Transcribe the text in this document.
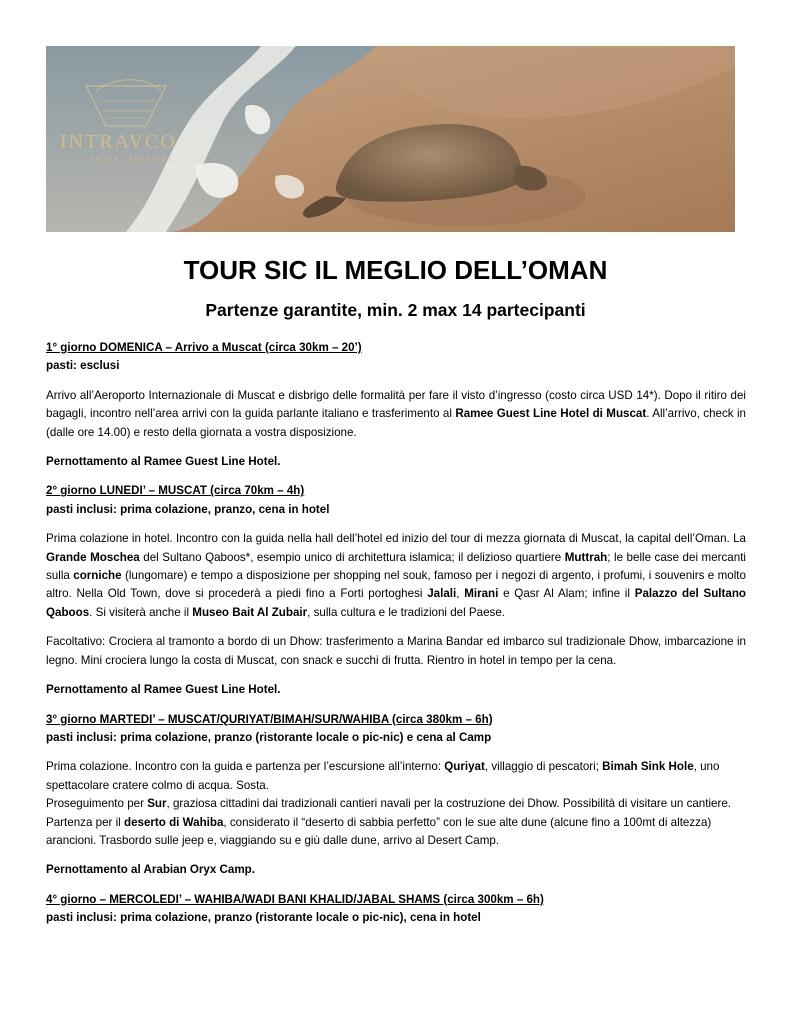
INTRAVCO
TRAVEL SERVICES
TOUR SIC IL MEGLIO DELL’OMAN
Partenze garantite, min. 2 max 14 partecipanti

1° giorno DOMENICA – Arrivo a Muscat (circa 30km – 20’)

pasti: esclusi

Arrivo all’Aeroporto Internazionale di Muscat e disbrigo delle formalità per fare il visto d’ingresso (costo circa USD 14*). Dopo il ritiro dei bagagli, incontro nell’area arrivi con la guida parlante italiano e trasferimento al Ramee Guest Line Hotel di Muscat. All’arrivo, check in (dalle ore 14.00) e resto della giornata a vostra disposizione.

Pernottamento al Ramee Guest Line Hotel.

2° giorno LUNEDI’ – MUSCAT (circa 70km – 4h)

pasti inclusi: prima colazione, pranzo, cena in hotel

Prima colazione in hotel. Incontro con la guida nella hall dell’hotel ed inizio del tour di mezza giornata di Muscat, la capital dell’Oman. La Grande Moschea del Sultano Qaboos*, esempio unico di architettura islamica; il delizioso quartiere Muttrah; le belle case dei mercanti sulla corniche (lungomare) e tempo a disposizione per shopping nel souk, famoso per i negozi di argento, i profumi, i souvenirs e molto altro. Nella Old Town, dove si procederà a piedi fino a Forti portoghesi Jalali, Mirani e Qasr Al Alam; infine il Palazzo del Sultano Qaboos. Si visiterà anche il Museo Bait Al Zubair, sulla cultura e le tradizioni del Paese.

Facoltativo: Crociera al tramonto a bordo di un Dhow: trasferimento a Marina Bandar ed imbarco sul tradizionale Dhow, imbarcazione in legno. Mini crociera lungo la costa di Muscat, con snack e succhi di frutta. Rientro in hotel in tempo per la cena.

Pernottamento al Ramee Guest Line Hotel.

3° giorno MARTEDI’ – MUSCAT/QURIYAT/BIMAH/SUR/WAHIBA (circa 380km – 6h)

pasti inclusi: prima colazione, pranzo (ristorante locale o pic-nic) e cena al Camp

Prima colazione. Incontro con la guida e partenza per l’escursione all’interno: Quriyat, villaggio di pescatori; Bimah Sink Hole, uno spettacolare cratere colmo di acqua. Sosta.

Proseguimento per Sur, graziosa cittadini dai tradizionali cantieri navali per la costruzione dei Dhow. Possibilità di visitare un cantiere.

Partenza per il deserto di Wahiba, considerato il “deserto di sabbia perfetto” con le sue alte dune (alcune fino a 100mt di altezza) arancioni. Trasbordo sulle jeep e, viaggiando su e giù dalle dune, arrivo al Desert Camp.

Pernottamento al Arabian Oryx Camp.

4° giorno – MERCOLEDI’ – WAHIBA/WADI BANI KHALID/JABAL SHAMS (circa 300km – 6h)

pasti inclusi: prima colazione, pranzo (ristorante locale o pic-nic), cena in hotel
